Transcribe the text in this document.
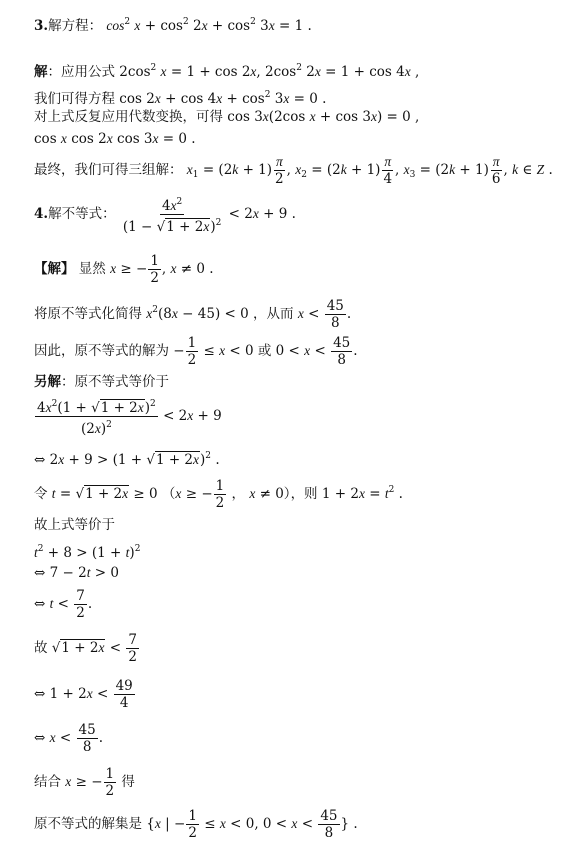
3.解方程： $\cos^2 x + \cos^2 2x + \cos^2 3x = 1$ .
解：应用公式 $2\cos^2$ x = 1 + cos 2x, $2\cos^2$ 2x = 1 + cos 4x ,
我们可得方程 $\cos 2x + \cos 4x + \cos^2 3x = 0$ .
对上式反复应用代数变换，可得 cos 3x(2cos x + cos 3x) = 0 ,
cos x cos 2x cos 3x = 0 .
最终，我们可得三组解： $x_1 = (2k + 1) \frac{\pi}{2}$ , $x_2 = (2k + 1) \frac{\pi}{4}$ , $x_3 = (2k + 1) \frac{\pi}{6}$ , k ∈ Z .
4.解不等式： $\frac{4x^2}{(1 - √1 + 2x)^2} < 2x + 9$ .
【解】 显然 x ≥ − $\frac{1}{2}$ , x ≠ 0 .
将原不等式化简得 $x^2(8x - 45) < 0$ ，从而 $x < \frac{45}{8}$ .
因此，原不等式的解为 − $\frac{1}{2} \le x < 0$ 或 $0 < x < \frac{45}{8}$ .
另解：原不等式等价于
$\frac{4x^2(1 + √1 + 2x)^2}{(2x)^2} < 2x + 9$
⇔ $2x + 9 > (1 + √1 + 2x)^2$ .
令 t = √1 + 2x ≥ 0 （x ≥ − $\frac{1}{2}$ ， x ≠ 0），则 $1 + 2x = t^2$ .
故上式等价于
$t^2 + 8 > (1 + t)^2$
⇔ 7 − 2t > 0
⇔ $t < \frac{7}{2}$ .
故 $√1 + 2x < \frac{7}{2}$
⇔ $1 + 2x < \frac{49}{4}$
⇔ $x < \frac{45}{8}$ .
结合 x ≥ − $\frac{1}{2}$ 得
原不等式的解集是 {x | − $\frac{1}{2} \le x < 0$, $0 < x < \frac{45}{8}$ } .
